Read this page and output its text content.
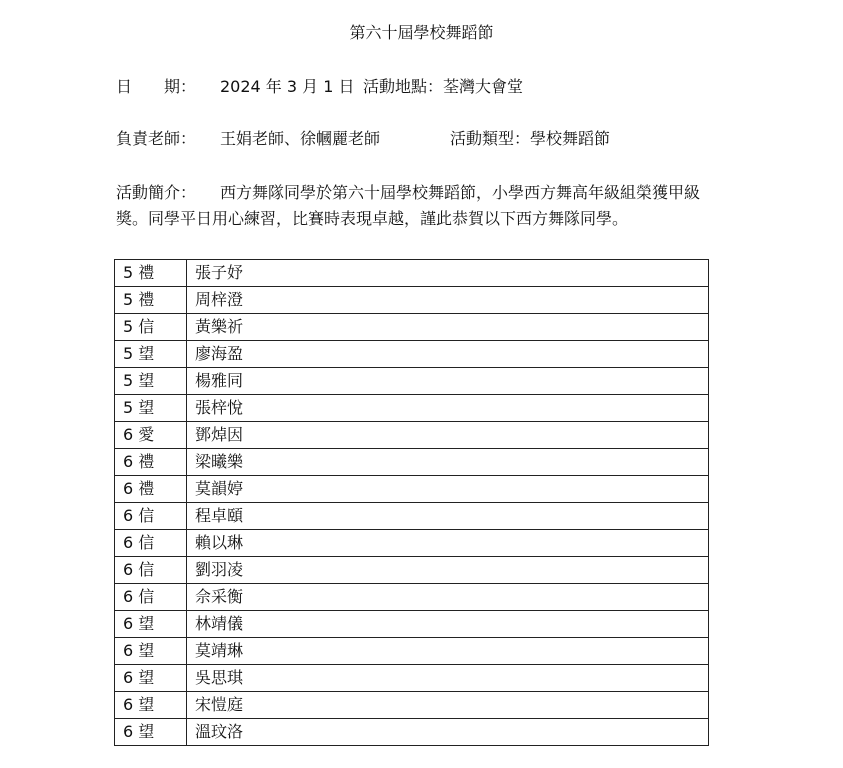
第六十屆學校舞蹈節
日　　期： 2024 年 3 月 1 日 活動地點： 荃灣大會堂
負責老師： 王娟老師、徐幗麗老師	活動類型： 學校舞蹈節
活動簡介： 西方舞隊同學於第六十屆學校舞蹈節，小學西方舞高年級組榮獲甲級獎。同學平日用心練習，比賽時表現卓越，謹此恭賀以下西方舞隊同學。
5 禮	張子妤
5 禮	周梓澄
5 信	黃樂祈
5 望	廖海盈
5 望	楊雅同
5 望	張梓悅
6 愛	鄧焯因
6 禮	梁曦樂
6 禮	莫韻婷
6 信	程卓頤
6 信	賴以琳
6 信	劉羽凌
6 信	佘采衡
6 望	林靖儀
6 望	莫靖琳
6 望	吳思琪
6 望	宋愷庭
6 望	溫玟洛
